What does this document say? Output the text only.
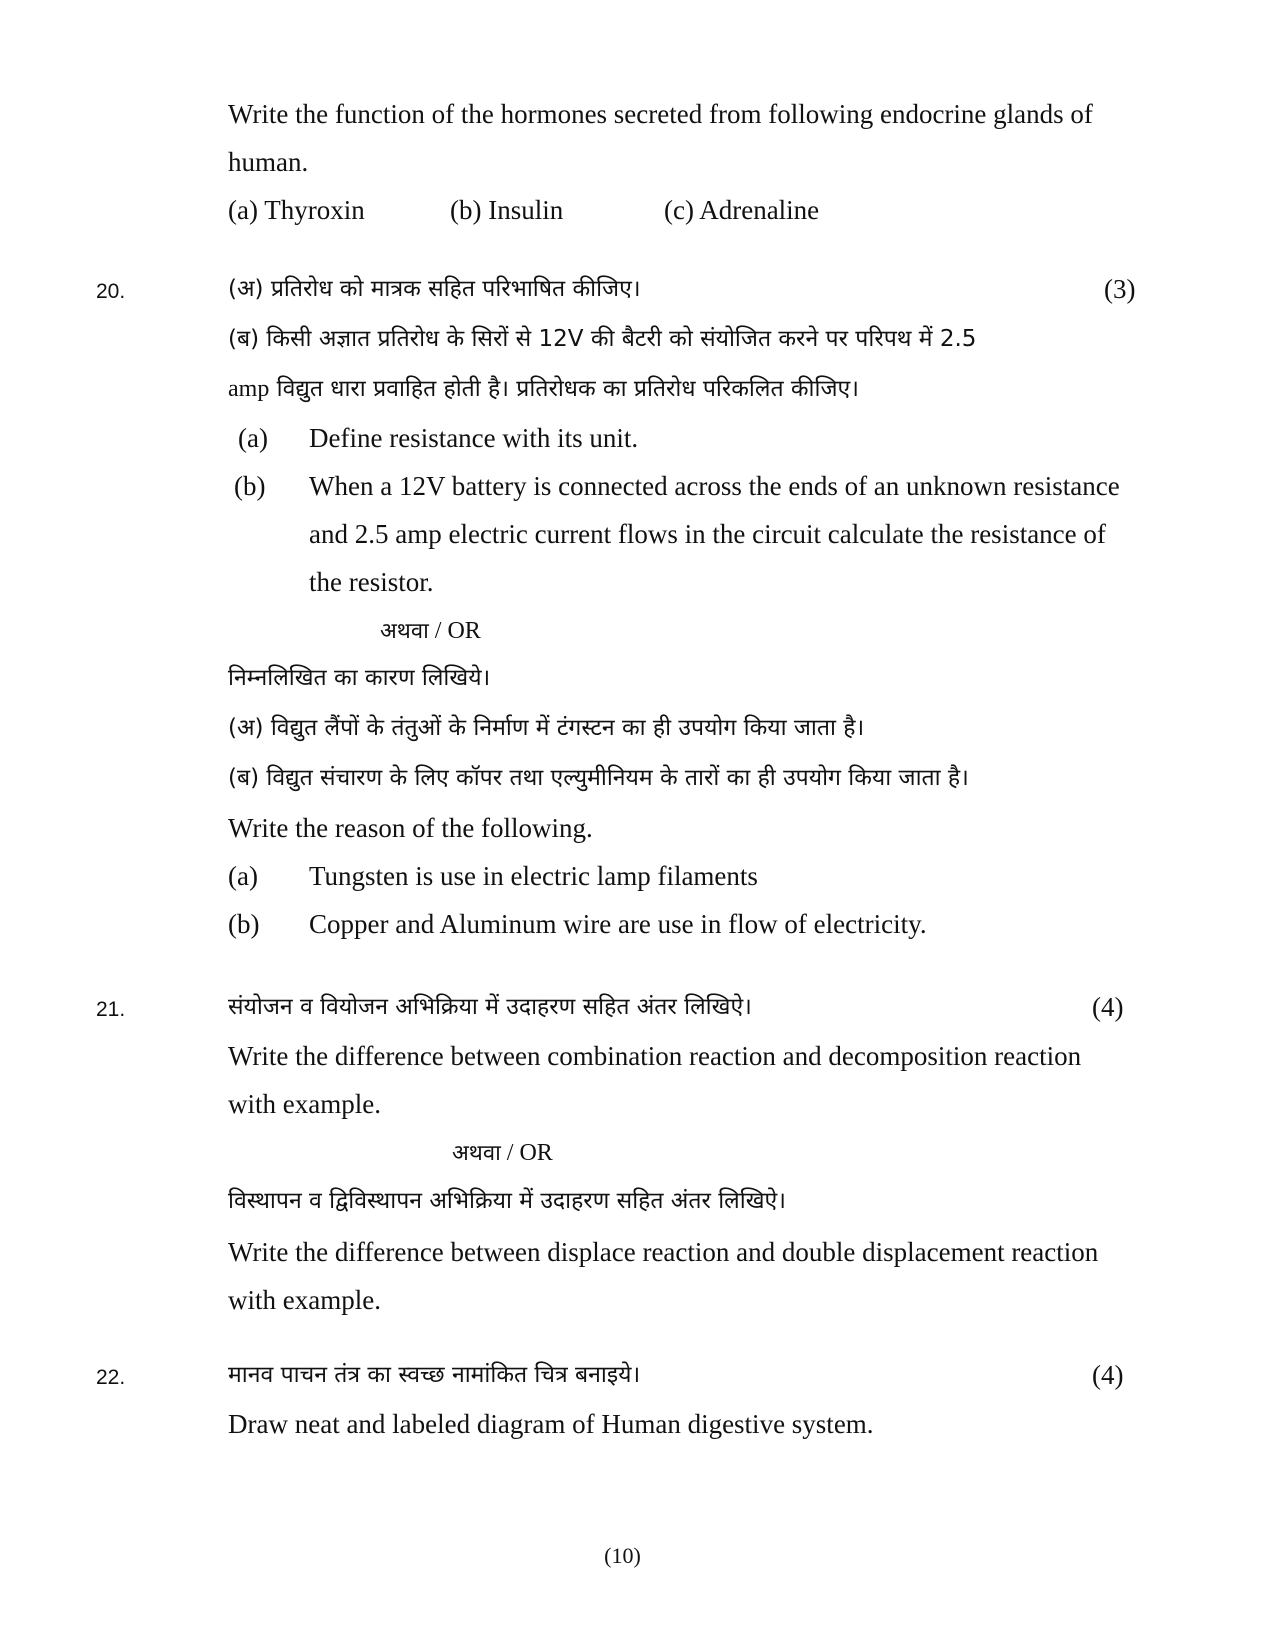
Write the function of the hormones secreted from following endocrine glands of
human.
(a) Thyroxin	(b) Insulin	(c) Adrenaline
20.	(अ) प्रतिरोध को मात्रक सहित परिभाषित कीजिए।	(3)
(ब) किसी अज्ञात प्रतिरोध के सिरों से 12V की बैटरी को संयोजित करने पर परिपथ में 2.5
amp विद्युत धारा प्रवाहित होती है। प्रतिरोधक का प्रतिरोध परिकलित कीजिए।
(a) Define resistance with its unit.
(b) When a 12V battery is connected across the ends of an unknown resistance
and 2.5 amp electric current flows in the circuit calculate the resistance of
the resistor.
अथवा / OR
निम्नलिखित का कारण लिखिये।
(अ) विद्युत लैंपों के तंतुओं के निर्माण में टंगस्टन का ही उपयोग किया जाता है।
(ब) विद्युत संचारण के लिए कॉपर तथा एल्युमीनियम के तारों का ही उपयोग किया जाता है।
Write the reason of the following.
(a) Tungsten is use in electric lamp filaments
(b) Copper and Aluminum wire are use in flow of electricity.
21.	संयोजन व वियोजन अभिक्रिया में उदाहरण सहित अंतर लिखिऐ।	(4)
Write the difference between combination reaction and decomposition reaction
with example.
अथवा / OR
विस्थापन व द्विविस्थापन अभिक्रिया में उदाहरण सहित अंतर लिखिऐ।
Write the difference between displace reaction and double displacement reaction
with example.
22.	मानव पाचन तंत्र का स्वच्छ नामांकित चित्र बनाइये।	(4)
Draw neat and labeled diagram of Human digestive system.
(10)
